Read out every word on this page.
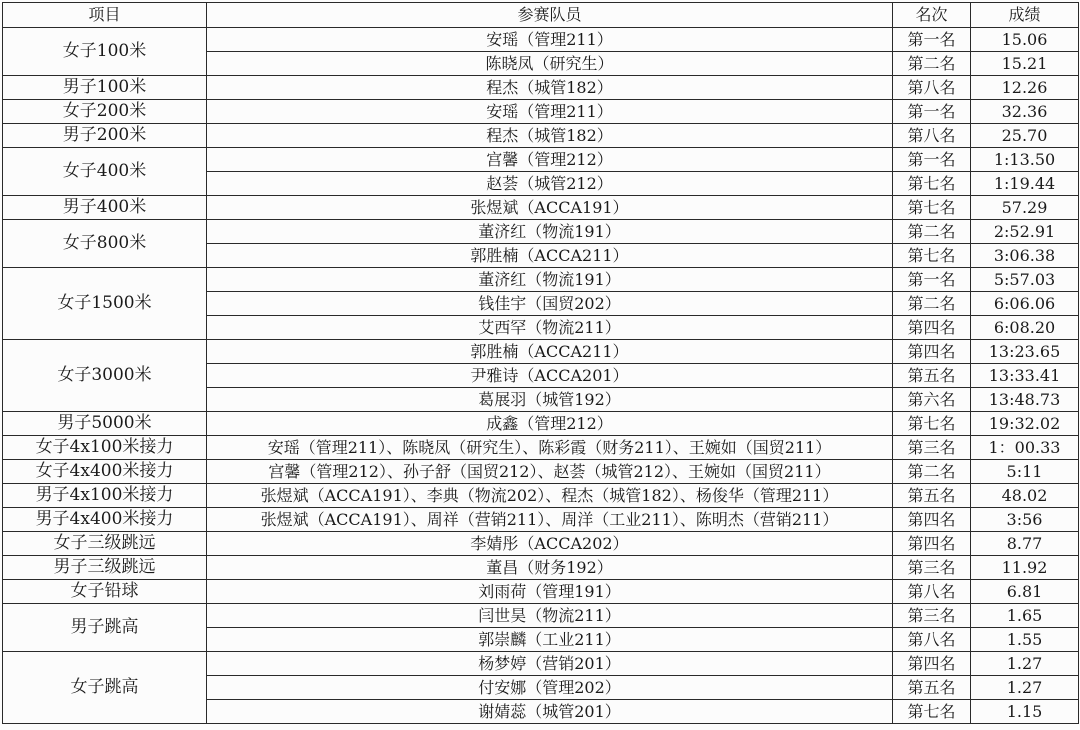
项目	参赛队员	名次	成绩
女子100米	安瑶（管理211）	第一名	15.06
	陈晓凤（研究生）	第二名	15.21
男子100米	程杰（城管182）	第八名	12.26
女子200米	安瑶（管理211）	第一名	32.36
男子200米	程杰（城管182）	第八名	25.70
女子400米	宫馨（管理212）	第一名	1:13.50
	赵荟（城管212）	第七名	1:19.44
男子400米	张煜斌（ACCA191）	第七名	57.29
女子800米	董济红（物流191）	第二名	2:52.91
	郭胜楠（ACCA211）	第七名	3:06.38
女子1500米	董济红（物流191）	第一名	5:57.03
	钱佳宇（国贸202）	第二名	6:06.06
	艾西罕（物流211）	第四名	6:08.20
女子3000米	郭胜楠（ACCA211）	第四名	13:23.65
	尹雅诗（ACCA201）	第五名	13:33.41
	葛展羽（城管192）	第六名	13:48.73
男子5000米	成鑫（管理212）	第七名	19:32.02
女子4x100米接力	安瑶（管理211）、陈晓凤（研究生）、陈彩霞（财务211）、王婉如（国贸211）	第三名	1：00.33
女子4x400米接力	宫馨（管理212）、孙子舒（国贸212）、赵荟（城管212）、王婉如（国贸211）	第二名	5:11
男子4x100米接力	张煜斌（ACCA191）、李典（物流202）、程杰（城管182）、杨俊华（管理211）	第五名	48.02
男子4x400米接力	张煜斌（ACCA191）、周祥（营销211）、周洋（工业211）、陈明杰（营销211）	第四名	3:56
女子三级跳远	李婧彤（ACCA202）	第四名	8.77
男子三级跳远	董昌（财务192）	第三名	11.92
女子铅球	刘雨荷（管理191）	第八名	6.81
男子跳高	闫世昊（物流211）	第三名	1.65
	郭崇麟（工业211）	第八名	1.55
女子跳高	杨梦婷（营销201）	第四名	1.27
	付安娜（管理202）	第五名	1.27
	谢婧蕊（城管201）	第七名	1.15
